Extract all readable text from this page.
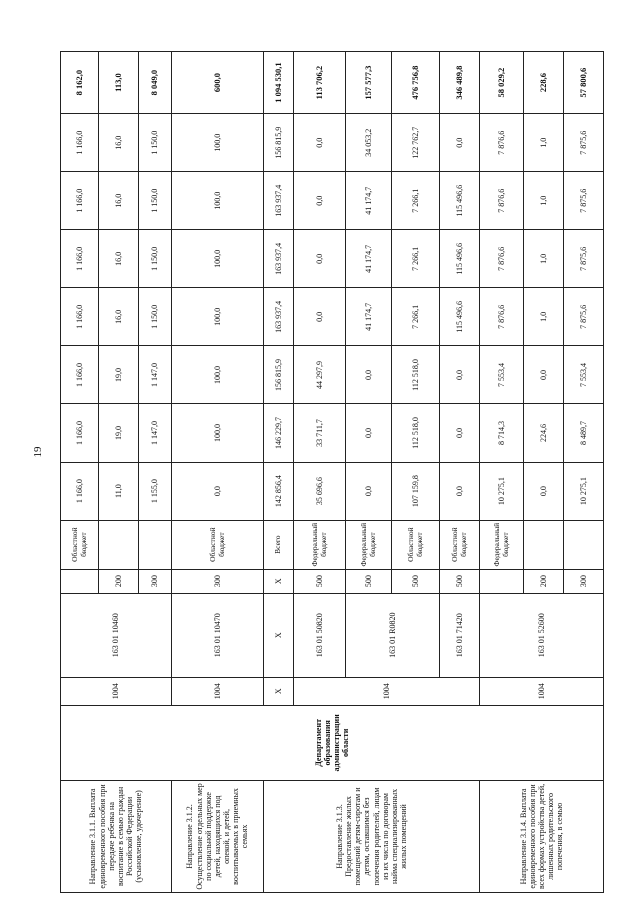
19
Направление 3.1.1. Выплата единовременного пособия при передаче ребенка на воспитание в семью граждан Российской Федерации (усыновление, удочерение)	Департамент образования администрации области	1004	163 01 10460		Областной бюджет	1 166,0	1 166,0	1 166,0	1 166,0	1 166,0	1 166,0	1 166,0	8 162,0
				200		11,0	19,0	19,0	16,0	16,0	16,0	16,0	113,0
				300		1 155,0	1 147,0	1 147,0	1 150,0	1 150,0	1 150,0	1 150,0	8 049,0
Направление 3.1.2. Осуществление отдельных мер по социальной поддержке детей, находящихся под опекой, и детей, воспитываемых в приемных семьях		1004	163 01 10470	300	Областной бюджет	0,0	100,0	100,0	100,0	100,0	100,0	100,0	600,0
Направление 3.1.3. Предоставление жилых помещений детям-сиротам и детям, оставшимся без попечения родителей, лицам из их числа по договорам найма специализированных жилых помещений		Х	Х	Х	Всего	142 856,4	146 229,7	156 815,9	163 937,4	163 937,4	163 937,4	156 815,9	1 094 530,1
		1004	163 01 50820	500	Федеральный бюджет	35 696,6	33 711,7	44 297,9	0,0	0,0	0,0	0,0	113 706,2
			163 01 R0820	500	Федеральный бюджет	0,0	0,0	0,0	41 174,7	41 174,7	41 174,7	34 053,2	157 577,3
				500	Областной бюджет	107 159,8	112 518,0	112 518,0	7 266,1	7 266,1	7 266,1	122 762,7	476 756,8
			163 01 71420	500	Областной бюджет	0,0	0,0	0,0	115 496,6	115 496,6	115 496,6	0,0	346 489,8
Направление 3.1.4. Выплата единовременного пособия при всех формах устройства детей, лишенных родительского попечения, в семью		1004	163 01 52600		Федеральный бюджет	10 275,1	8 714,3	7 553,4	7 876,6	7 876,6	7 876,6	7 876,6	58 029,2
				200		0,0	224,6	0,0	1,0	1,0	1,0	1,0	228,6
				300		10 275,1	8 489,7	7 553,4	7 875,6	7 875,6	7 875,6	7 875,6	57 800,6
